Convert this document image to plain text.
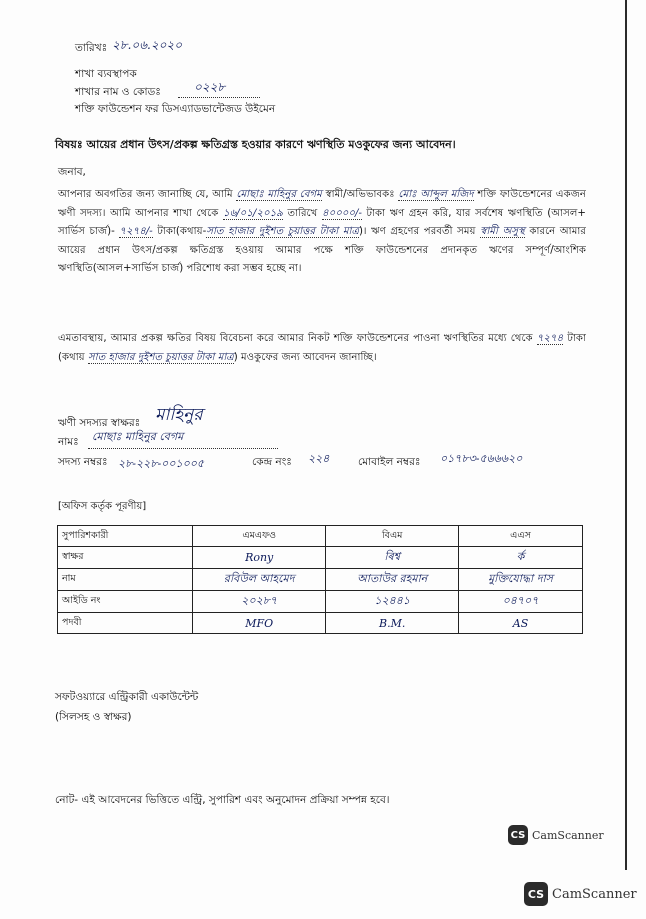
তারিখঃ ২৮.০৬.২০২০
শাখা ব্যবস্থাপক
শাখার নাম ও কোডঃ	০২২৮
শক্তি ফাউন্ডেশন ফর ডিসএ্যাডভান্টেজড উইমেন
বিষয়ঃ আয়ের প্রধান উৎস/প্রকল্প ক্ষতিগ্রস্ত হওয়ার কারণে ঋণস্থিতি মওকুফের জন্য আবেদন।
জনাব,
আপনার অবগতির জন্য জানাচ্ছি যে, আমি মোছাঃ মাহিনুর বেগম স্বামী/অভিভাবকঃ মোঃ আব্দুল মজিদ শক্তি ফাউন্ডেশনের একজন ঋণী সদস্য। আমি আপনার শাখা থেকে ১৬/০১/২০১৯ তারিখে ৪০০০০/- টাকা ঋণ গ্রহন করি, যার সর্বশেষ ঋণস্থিতি (আসল+ সার্ভিস চার্জ)- ৭২৭৪/- টাকা(কথায়-সাত হাজার দুইশত চুয়াত্তর টাকা মাত্র)। ঋণ গ্রহণের পরবর্তী সময় স্বামী অসুস্থ কারনে আমার আয়ের প্রধান উৎস/প্রকল্প ক্ষতিগ্রস্ত হওয়ায় আমার পক্ষে শক্তি ফাউন্ডেশনের প্রদানকৃত ঋণের সম্পূর্ণ/আংশিক ঋণস্থিতি(আসল+সার্ভিস চার্জ) পরিশোধ করা সম্ভব হচ্ছে না।
এমতাবস্থায়, আমার প্রকল্প ক্ষতির বিষয় বিবেচনা করে আমার নিকট শক্তি ফাউন্ডেশনের পাওনা ঋণস্থিতির মধ্যে থেকে ৭২৭৪ টাকা (কথায় সাত হাজার দুইশত চুয়াত্তর টাকা মাত্র) মওকুফের জন্য আবেদন জানাচ্ছি।
ঋণী সদস্যর স্বাক্ষরঃ মাহিনুর
নামঃ মোছাঃ মাহিনুর বেগম
সদস্য নম্বরঃ ২৮-২২৮-০০১০০৫	কেন্দ্র নংঃ ২২৪	মোবাইল নম্বরঃ ০১৭৮৩-৫৬৬৬২০
[অফিস কর্তৃক পূরণীয়]
সুপারিশকারী	এমএফও	বিএম	এএস
স্বাক্ষর	Rony	ৰিশ্ব	ৰ্ক
নাম	রবিউল আহমেদ	আতাউর রহমান	মুক্তিযোদ্ধা দাস
আইডি নং	২০২৮৭	১২৪৪১	০৪৭০৭
পদবী	MFO	B.M.	AS
সফটওয়্যারে এন্ট্রিকারী একাউন্টেন্ট
(সিলসহ ও স্বাক্ষর)
নোট- এই আবেদনের ভিত্তিতে এন্ট্রি, সুপারিশ এবং অনুমোদন প্রক্রিয়া সম্পন্ন হবে।
CS CamScanner
CS CamScanner
